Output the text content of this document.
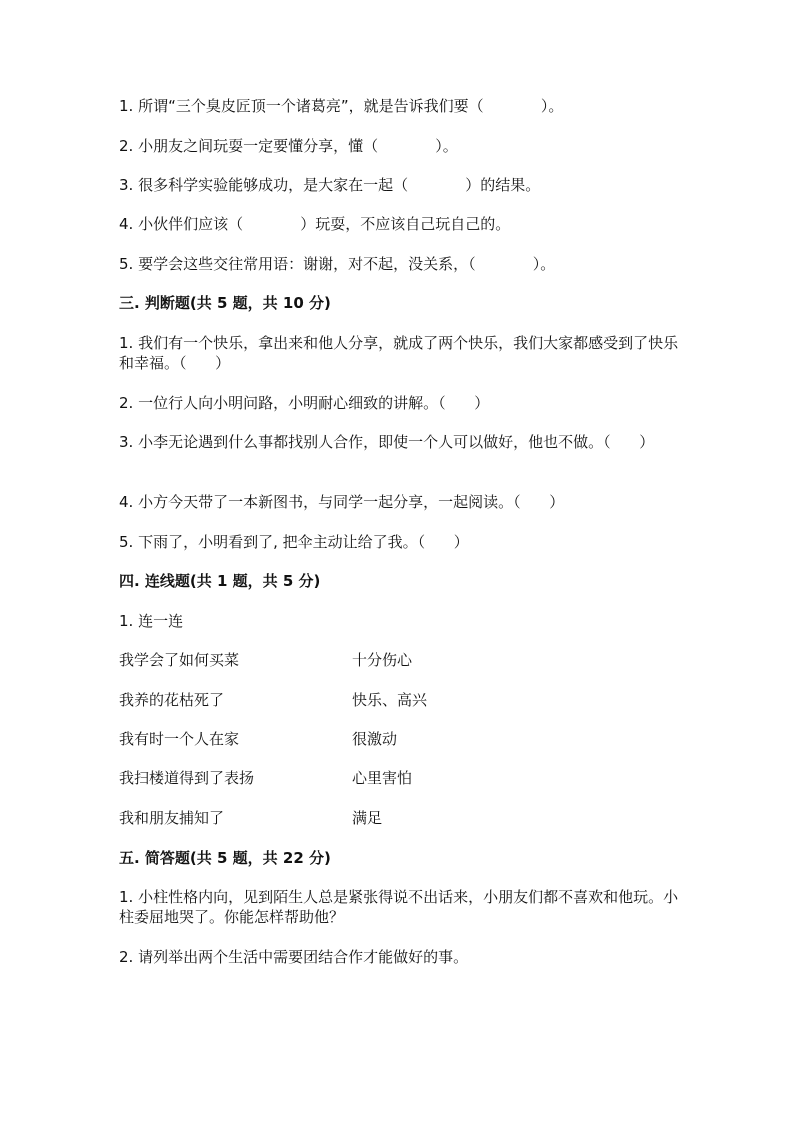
1. 所谓“三个臭皮匠顶一个诸葛亮”，就是告诉我们要（            ）。
2. 小朋友之间玩耍一定要懂分享，懂（            ）。
3. 很多科学实验能够成功，是大家在一起（            ）的结果。
4. 小伙伴们应该（            ）玩耍，不应该自己玩自己的。
5. 要学会这些交往常用语：谢谢，对不起，没关系，（            ）。
三. 判断题(共 5 题，共 10 分)
1. 我们有一个快乐，拿出来和他人分享，就成了两个快乐，我们大家都感受到了快乐和幸福。（      ）
2. 一位行人向小明问路，小明耐心细致的讲解。（      ）
3. 小李无论遇到什么事都找别人合作，即使一个人可以做好，他也不做。（      ）
4. 小方今天带了一本新图书，与同学一起分享，一起阅读。（      ）
5. 下雨了，小明看到了, 把伞主动让给了我。（      ）
四. 连线题(共 1 题，共 5 分)
1. 连一连
我学会了如何买菜	十分伤心
我养的花枯死了	快乐、高兴
我有时一个人在家	很激动
我扫楼道得到了表扬	心里害怕
我和朋友捕知了	满足
五. 简答题(共 5 题，共 22 分)
1. 小柱性格内向，见到陌生人总是紧张得说不出话来，小朋友们都不喜欢和他玩。小柱委屈地哭了。你能怎样帮助他？
2. 请列举出两个生活中需要团结合作才能做好的事。
